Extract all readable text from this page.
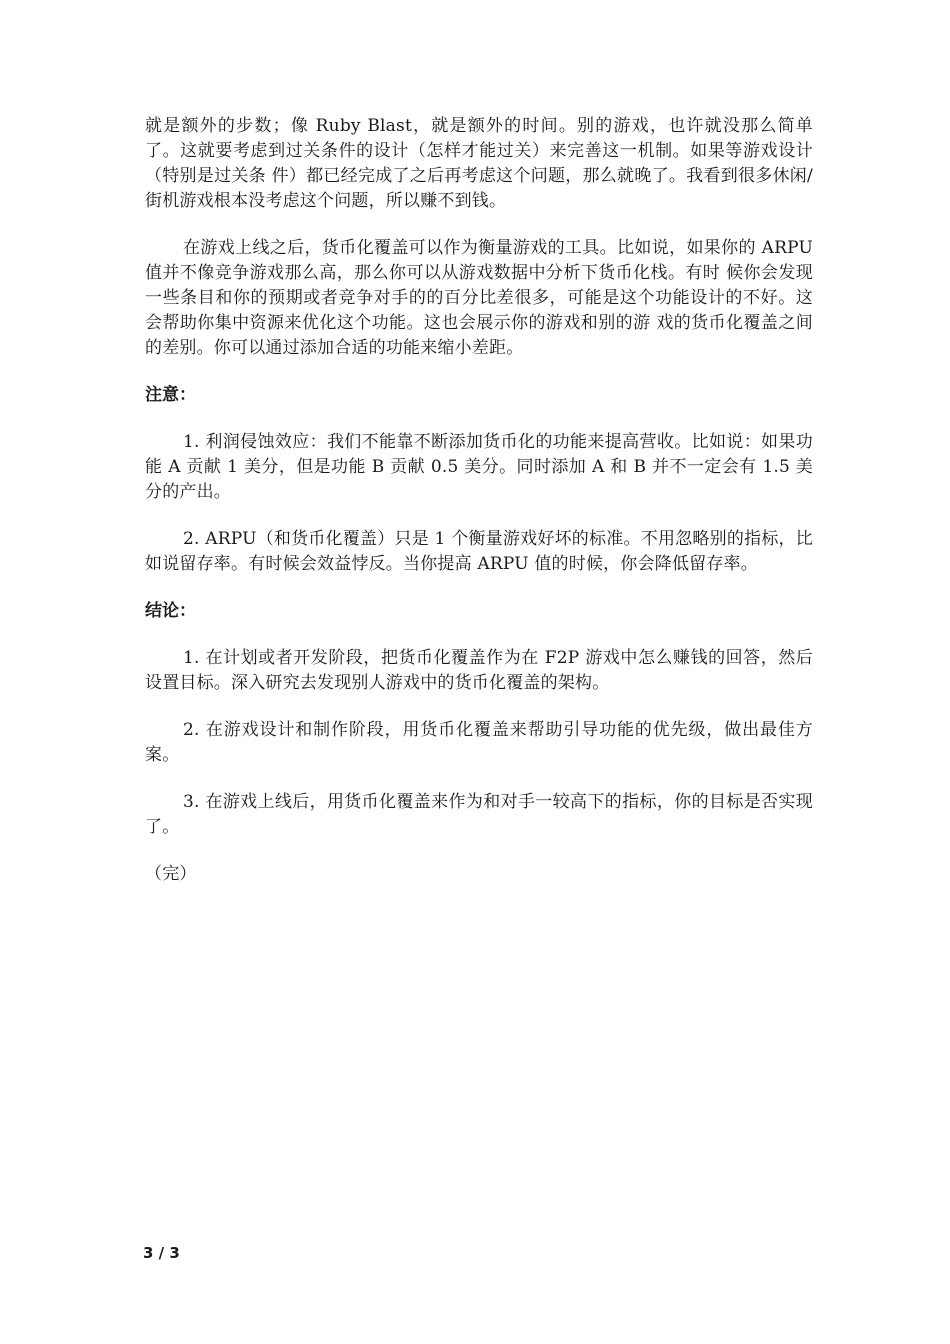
就是额外的步数；像 Ruby Blast，就是额外的时间。别的游戏，也许就没那么简单了。这就要考虑到过关条件的设计（怎样才能过关）来完善这一机制。如果等游戏设计（特别是过关条 件）都已经完成了之后再考虑这个问题，那么就晚了。我看到很多休闲/街机游戏根本没考虑这个问题，所以赚不到钱。

在游戏上线之后，货币化覆盖可以作为衡量游戏的工具。比如说，如果你的 ARPU 值并不像竞争游戏那么高，那么你可以从游戏数据中分析下货币化栈。有时 候你会发现一些条目和你的预期或者竞争对手的的百分比差很多，可能是这个功能设计的不好。这会帮助你集中资源来优化这个功能。这也会展示你的游戏和别的游 戏的货币化覆盖之间的差别。你可以通过添加合适的功能来缩小差距。

注意：

1. 利润侵蚀效应：我们不能靠不断添加货币化的功能来提高营收。比如说：如果功能 A 贡献 1 美分，但是功能 B 贡献 0.5 美分。同时添加 A 和 B 并不一定会有 1.5 美分的产出。

2. ARPU（和货币化覆盖）只是 1 个衡量游戏好坏的标准。不用忽略别的指标，比如说留存率。有时候会效益悖反。当你提高 ARPU 值的时候，你会降低留存率。

结论：

1. 在计划或者开发阶段，把货币化覆盖作为在 F2P 游戏中怎么赚钱的回答，然后设置目标。深入研究去发现别人游戏中的货币化覆盖的架构。

2. 在游戏设计和制作阶段，用货币化覆盖来帮助引导功能的优先级，做出最佳方案。

3. 在游戏上线后，用货币化覆盖来作为和对手一较高下的指标，你的目标是否实现了。

（完）

3 / 3
